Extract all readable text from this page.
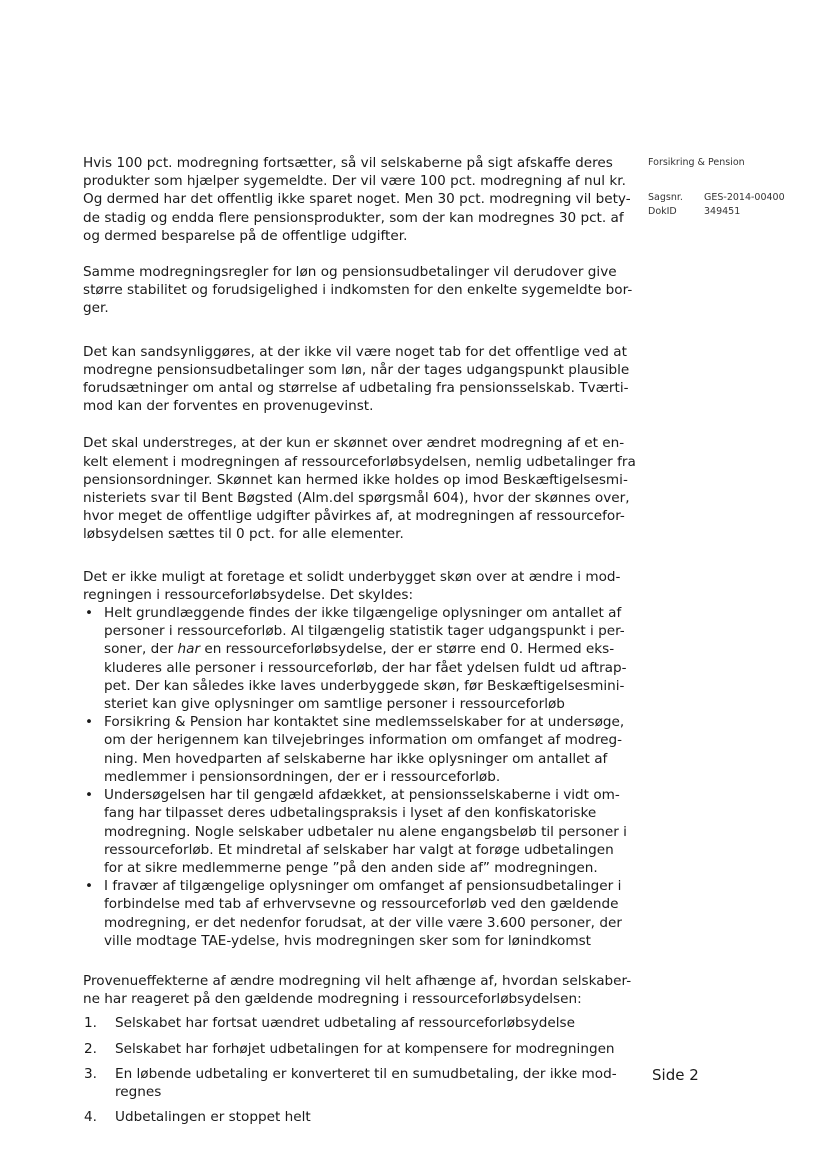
Forsikring & Pension
Sagsnr.	GES-2014-00400
DokID	349451

Hvis 100 pct. modregning fortsætter, så vil selskaberne på sigt afskaffe deres
produkter som hjælper sygemeldte. Der vil være 100 pct. modregning af nul kr.
Og dermed har det offentlig ikke sparet noget. Men 30 pct. modregning vil bety-
de stadig og endda flere pensionsprodukter, som der kan modregnes 30 pct. af
og dermed besparelse på de offentlige udgifter.

Samme modregningsregler for løn og pensionsudbetalinger vil derudover give
større stabilitet og forudsigelighed i indkomsten for den enkelte sygemeldte bor-
ger.

Det kan sandsynliggøres, at der ikke vil være noget tab for det offentlige ved at
modregne pensionsudbetalinger som løn, når der tages udgangspunkt plausible
forudsætninger om antal og størrelse af udbetaling fra pensionsselskab. Tværti-
mod kan der forventes en provenugevinst.

Det skal understreges, at der kun er skønnet over ændret modregning af et en-
kelt element i modregningen af ressourceforløbsydelsen, nemlig udbetalinger fra
pensionsordninger. Skønnet kan hermed ikke holdes op imod Beskæftigelsesmi-
nisteriets svar til Bent Bøgsted (Alm.del spørgsmål 604), hvor der skønnes over,
hvor meget de offentlige udgifter påvirkes af, at modregningen af ressourcefor-
løbsydelsen sættes til 0 pct. for alle elementer.

Det er ikke muligt at foretage et solidt underbygget skøn over at ændre i mod-
regningen i ressourceforløbsydelse. Det skyldes:

• Helt grundlæggende findes der ikke tilgængelige oplysninger om antallet af
personer i ressourceforløb. Al tilgængelig statistik tager udgangspunkt i per-
soner, der har en ressourceforløbsydelse, der er større end 0. Hermed eks-
kluderes alle personer i ressourceforløb, der har fået ydelsen fuldt ud aftrap-
pet. Der kan således ikke laves underbyggede skøn, før Beskæftigelsesmini-
steriet kan give oplysninger om samtlige personer i ressourceforløb
• Forsikring & Pension har kontaktet sine medlemsselskaber for at undersøge,
om der herigennem kan tilvejebringes information om omfanget af modreg-
ning. Men hovedparten af selskaberne har ikke oplysninger om antallet af
medlemmer i pensionsordningen, der er i ressourceforløb.
• Undersøgelsen har til gengæld afdækket, at pensionsselskaberne i vidt om-
fang har tilpasset deres udbetalingspraksis i lyset af den konfiskatoriske
modregning. Nogle selskaber udbetaler nu alene engangsbeløb til personer i
ressourceforløb. Et mindretal af selskaber har valgt at forøge udbetalingen
for at sikre medlemmerne penge ”på den anden side af” modregningen.
• I fravær af tilgængelige oplysninger om omfanget af pensionsudbetalinger i
forbindelse med tab af erhvervsevne og ressourceforløb ved den gældende
modregning, er det nedenfor forudsat, at der ville være 3.600 personer, der
ville modtage TAE-ydelse, hvis modregningen sker som for lønindkomst

Provenueffekterne af ændre modregning vil helt afhænge af, hvordan selskaber-
ne har reageret på den gældende modregning i ressourceforløbsydelsen:

1. Selskabet har fortsat uændret udbetaling af ressourceforløbsydelse
2. Selskabet har forhøjet udbetalingen for at kompensere for modregningen
3. En løbende udbetaling er konverteret til en sumudbetaling, der ikke mod-
regnes
4. Udbetalingen er stoppet helt
Side 2
